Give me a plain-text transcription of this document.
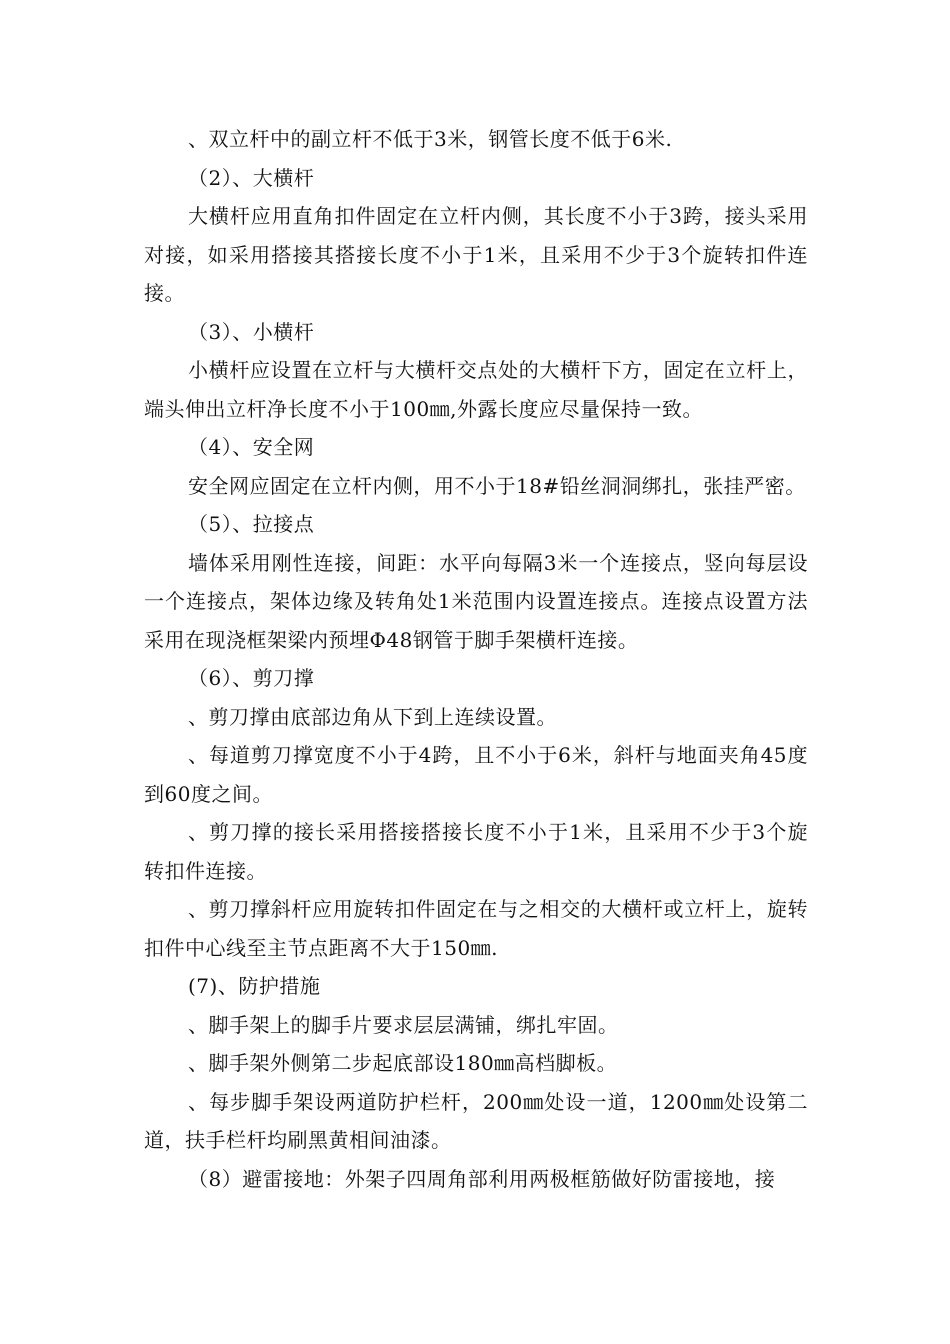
、双立杆中的副立杆不低于3米，钢管长度不低于6米.

（2）、大横杆

大横杆应用直角扣件固定在立杆内侧，其长度不小于3跨，接头采用对接，如采用搭接其搭接长度不小于1米，且采用不少于3个旋转扣件连接。

（3）、小横杆

小横杆应设置在立杆与大横杆交点处的大横杆下方，固定在立杆上，端头伸出立杆净长度不小于100㎜,外露长度应尽量保持一致。

（4）、安全网

安全网应固定在立杆内侧，用不小于18#铅丝洞洞绑扎，张挂严密。

（5）、拉接点

墙体采用刚性连接，间距：水平向每隔3米一个连接点，竖向每层设一个连接点，架体边缘及转角处1米范围内设置连接点。连接点设置方法采用在现浇框架梁内预埋Φ48钢管于脚手架横杆连接。

（6）、剪刀撑

、剪刀撑由底部边角从下到上连续设置。

、每道剪刀撑宽度不小于4跨，且不小于6米，斜杆与地面夹角45度到60度之间。

、剪刀撑的接长采用搭接搭接长度不小于1米，且采用不少于3个旋转扣件连接。

、剪刀撑斜杆应用旋转扣件固定在与之相交的大横杆或立杆上，旋转扣件中心线至主节点距离不大于150㎜.

(7)、防护措施

、脚手架上的脚手片要求层层满铺，绑扎牢固。

、脚手架外侧第二步起底部设180㎜高档脚板。

、每步脚手架设两道防护栏杆，200㎜处设一道，1200㎜处设第二道，扶手栏杆均刷黑黄相间油漆。

（8）避雷接地：外架子四周角部利用两极框筋做好防雷接地，接
